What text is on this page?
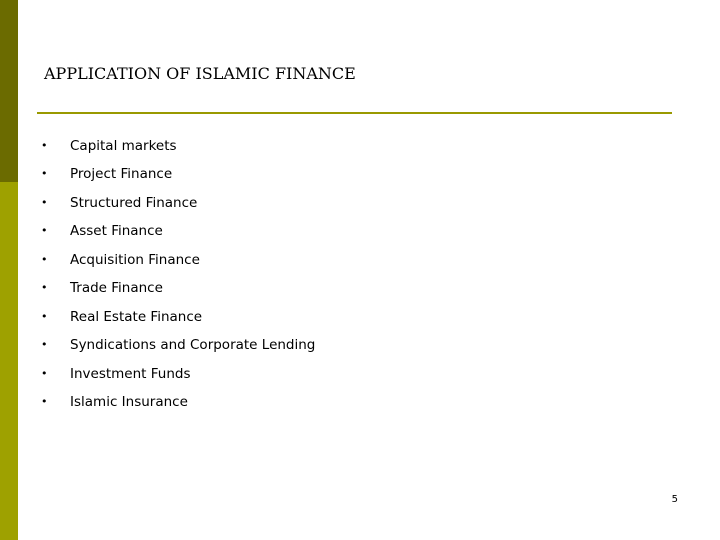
APPLICATION OF ISLAMIC FINANCE
• Capital markets
• Project Finance
• Structured Finance
• Asset Finance
• Acquisition Finance
• Trade Finance
• Real Estate Finance
• Syndications and Corporate Lending
• Investment Funds
• Islamic Insurance
5
